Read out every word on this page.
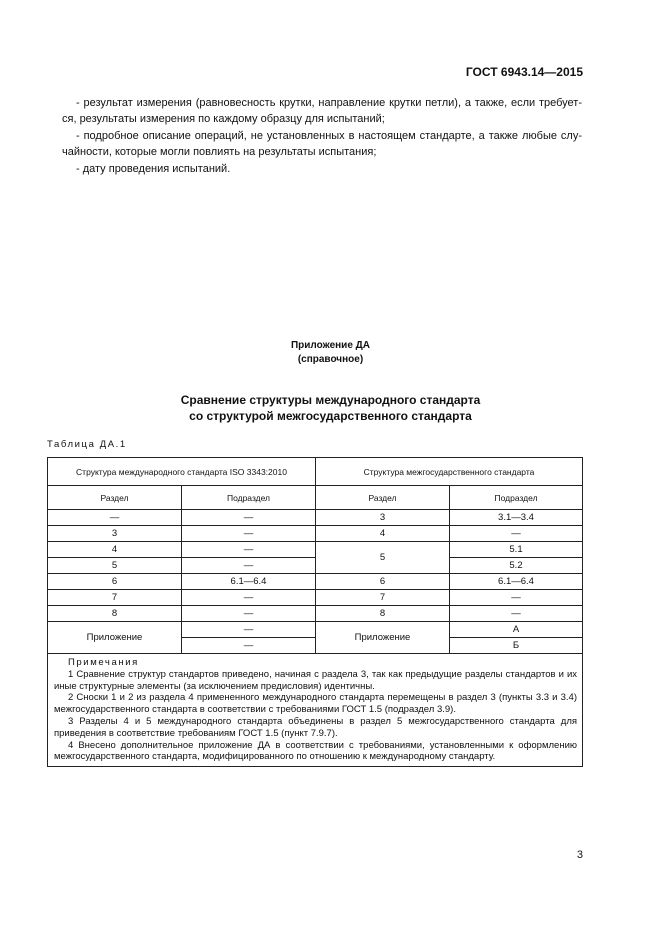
ГОСТ 6943.14—2015

- результат измерения (равновесность крутки, направление крутки петли), а также, если требует-ся, результаты измерения по каждому образцу для испытаний;

- подробное описание операций, не установленных в настоящем стандарте, а также любые слу-чайности, которые могли повлиять на результаты испытания;

- дату проведения испытаний.

Приложение ДА
(справочное)
Сравнение структуры международного стандарта
со структурой межгосударственного стандарта
Таблица ДА.1
Структура международного стандарта ISO 3343:2010		Структура межгосударственного стандарта	
Раздел	Подраздел	Раздел	Подраздел
—	—	3	3.1—3.4
3	—	4	—
4	—	5	5.1
5	—		5.2
6	6.1—6.4	6	6.1—6.4
7	—	7	—
8	—	8	—
Приложение	—	Приложение	А
	—		Б

Примечания
1 Сравнение структур стандартов приведено, начиная с раздела 3, так как предыдущие разделы стандартов и их иные структурные элементы (за исключением предисловия) идентичны.
2 Сноски 1 и 2 из раздела 4 примененного международного стандарта перемещены в раздел 3 (пункты 3.3 и 3.4) межгосударственного стандарта в соответствии с требованиями ГОСТ 1.5 (подраздел 3.9).
3 Разделы 4 и 5 международного стандарта объединены в раздел 5 межгосударственного стандарта для приведения в соответствие требованиям ГОСТ 1.5 (пункт 7.9.7).
4 Внесено дополнительное приложение ДА в соответствии с требованиями, установленными к оформлению межгосударственного стандарта, модифицированного по отношению к международному стандарту.			
3
